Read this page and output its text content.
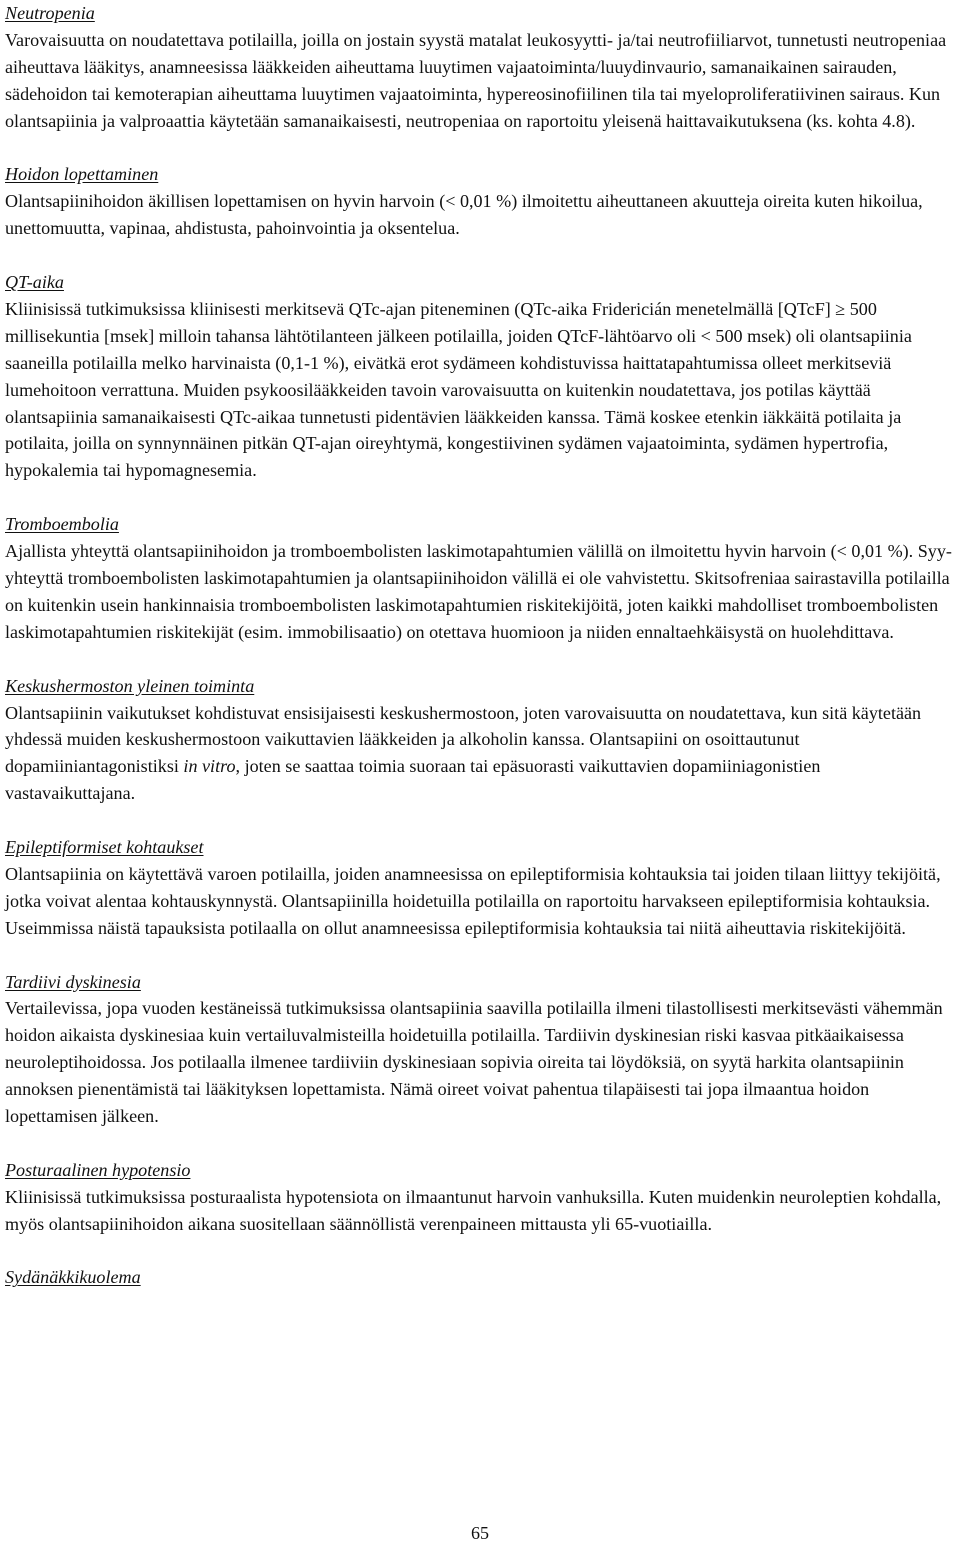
Neutropenia

Varovaisuutta on noudatettava potilailla, joilla on jostain syystä matalat leukosyytti- ja/tai neutrofiiliarvot, tunnetusti neutropeniaa aiheuttava lääkitys, anamneesissa lääkkeiden aiheuttama luuytimen vajaatoiminta/luuydinvaurio, samanaikainen sairauden, sädehoidon tai kemoterapian aiheuttama luuytimen vajaatoiminta, hypereosinofiilinen tila tai myeloproliferatiivinen sairaus. Kun olantsapiinia ja valproaattia käytetään samanaikaisesti, neutropeniaa on raportoitu yleisenä haittavaikutuksena (ks. kohta 4.8).

Hoidon lopettaminen

Olantsapiinihoidon äkillisen lopettamisen on hyvin harvoin (< 0,01 %) ilmoitettu aiheuttaneen akuutteja oireita kuten hikoilua, unettomuutta, vapinaa, ahdistusta, pahoinvointia ja oksentelua.

QT-aika

Kliinisissä tutkimuksissa kliinisesti merkitsevä QTc-ajan piteneminen (QTc-aika Fridericián menetelmällä [QTcF] ≥ 500 millisekuntia [msek] milloin tahansa lähtötilanteen jälkeen potilailla, joiden QTcF-lähtöarvo oli < 500 msek) oli olantsapiinia saaneilla potilailla melko harvinaista (0,1-1 %), eivätkä erot sydämeen kohdistuvissa haittatapahtumissa olleet merkitseviä lumehoitoon verrattuna. Muiden psykoosilääkkeiden tavoin varovaisuutta on kuitenkin noudatettava, jos potilas käyttää olantsapiinia samanaikaisesti QTc-aikaa tunnetusti pidentävien lääkkeiden kanssa. Tämä koskee etenkin iäkkäitä potilaita ja potilaita, joilla on synnynnäinen pitkän QT-ajan oireyhtymä, kongestiivinen sydämen vajaatoiminta, sydämen hypertrofia, hypokalemia tai hypomagnesemia.

Tromboembolia

Ajallista yhteyttä olantsapiinihoidon ja tromboembolisten laskimotapahtumien välillä on ilmoitettu hyvin harvoin (< 0,01 %). Syy-yhteyttä tromboembolisten laskimotapahtumien ja olantsapiinihoidon välillä ei ole vahvistettu. Skitsofreniaa sairastavilla potilailla on kuitenkin usein hankinnaisia tromboembolisten laskimotapahtumien riskitekijöitä, joten kaikki mahdolliset tromboembolisten laskimotapahtumien riskitekijät (esim. immobilisaatio) on otettava huomioon ja niiden ennaltaehkäisystä on huolehdittava.

Keskushermoston yleinen toiminta

Olantsapiinin vaikutukset kohdistuvat ensisijaisesti keskushermostoon, joten varovaisuutta on noudatettava, kun sitä käytetään yhdessä muiden keskushermostoon vaikuttavien lääkkeiden ja alkoholin kanssa. Olantsapiini on osoittautunut dopamiiniantagonistiksi in vitro, joten se saattaa toimia suoraan tai epäsuorasti vaikuttavien dopamiiniagonistien vastavaikuttajana.

Epileptiformiset kohtaukset

Olantsapiinia on käytettävä varoen potilailla, joiden anamneesissa on epileptiformisia kohtauksia tai joiden tilaan liittyy tekijöitä, jotka voivat alentaa kohtauskynnystä. Olantsapiinilla hoidetuilla potilailla on raportoitu harvakseen epileptiformisia kohtauksia. Useimmissa näistä tapauksista potilaalla on ollut anamneesissa epileptiformisia kohtauksia tai niitä aiheuttavia riskitekijöitä.

Tardiivi dyskinesia

Vertailevissa, jopa vuoden kestäneissä tutkimuksissa olantsapiinia saavilla potilailla ilmeni tilastollisesti merkitsevästi vähemmän hoidon aikaista dyskinesiaa kuin vertailuvalmisteilla hoidetuilla potilailla. Tardiivin dyskinesian riski kasvaa pitkäaikaisessa neuroleptihoidossa. Jos potilaalla ilmenee tardiiviin dyskinesiaan sopivia oireita tai löydöksiä, on syytä harkita olantsapiinin annoksen pienentämistä tai lääkityksen lopettamista. Nämä oireet voivat pahentua tilapäisesti tai jopa ilmaantua hoidon lopettamisen jälkeen.

Posturaalinen hypotensio

Kliinisissä tutkimuksissa posturaalista hypotensiota on ilmaantunut harvoin vanhuksilla. Kuten muidenkin neuroleptien kohdalla, myös olantsapiinihoidon aikana suositellaan säännöllistä verenpaineen mittausta yli 65-vuotiailla.

Sydänäkkikuolema
65
